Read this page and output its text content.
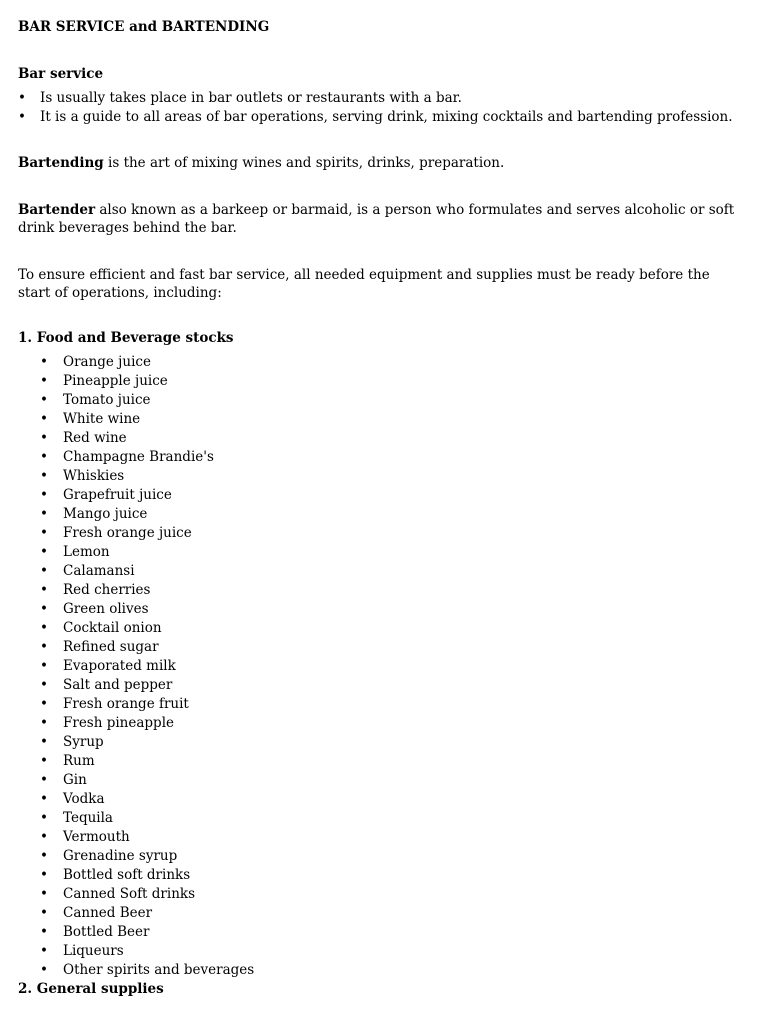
BAR SERVICE and BARTENDING

Bar service

• Is usually takes place in bar outlets or restaurants with a bar.
• It is a guide to all areas of bar operations, serving drink, mixing cocktails and bartending profession.

Bartending is the art of mixing wines and spirits, drinks, preparation.

Bartender also known as a barkeep or barmaid, is a person who formulates and serves alcoholic or soft drink beverages behind the bar.

To ensure efficient and fast bar service, all needed equipment and supplies must be ready before the start of operations, including:

1. Food and Beverage stocks

• Orange juice
• Pineapple juice
• Tomato juice
• White wine
• Red wine
• Champagne Brandie's
• Whiskies
• Grapefruit juice
• Mango juice
• Fresh orange juice
• Lemon
• Calamansi
• Red cherries
• Green olives
• Cocktail onion
• Refined sugar
• Evaporated milk
• Salt and pepper
• Fresh orange fruit
• Fresh pineapple
• Syrup
• Rum
• Gin
• Vodka
• Tequila
• Vermouth
• Grenadine syrup
• Bottled soft drinks
• Canned Soft drinks
• Canned Beer
• Bottled Beer
• Liqueurs
• Other spirits and beverages

2. General supplies
